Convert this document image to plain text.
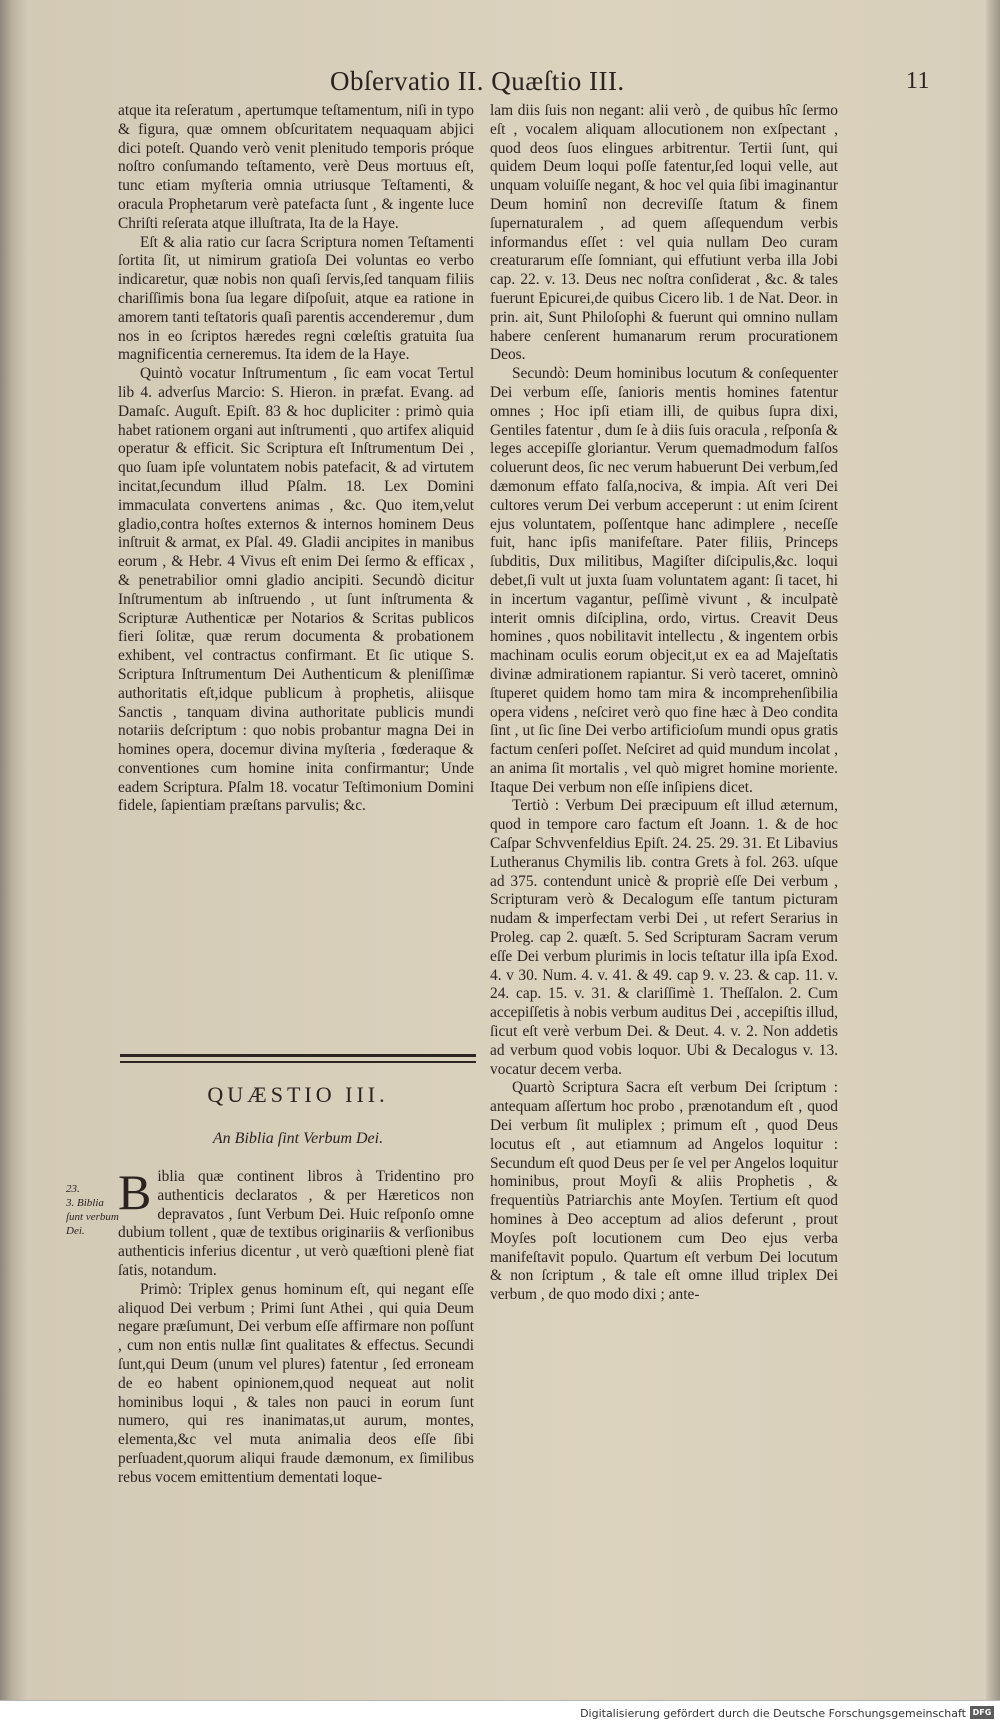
Obſervatio II. Quæſtio III.	11

atque ita reſeratum , apertumque teſtamentum, niſi in typo & figura, quæ omnem obſcuritatem nequaquam abjici dici poteſt. Quando verò venit plenitudo temporis próque noſtro conſumando teſtamento, verè Deus mortuus eſt, tunc etiam myſteria omnia utriusque Teſtamenti, & oracula Prophetarum verè patefacta ſunt , & ingente luce Chriſti reſerata atque illuſtrata, Ita de la Haye.

Eſt & alia ratio cur ſacra Scriptura nomen Teſtamenti ſortita ſit, ut nimirum gratioſa Dei voluntas eo verbo indicaretur, quæ nobis non quaſi ſervis,ſed tanquam filiis chariſſimis bona ſua legare diſpoſuit, atque ea ratione in amorem tanti teſtatoris quaſi parentis accenderemur , dum nos in eo ſcriptos hæredes regni cœleſtis gratuita ſua magnificentia cerneremus. Ita idem de la Haye.

Quintò vocatur Inſtrumentum , ſic eam vocat Tertul lib 4. adverſus Marcio: S. Hieron. in præfat. Evang. ad Damaſc. Auguſt. Epiſt. 83 & hoc dupliciter : primò quia habet rationem organi aut inſtrumenti , quo artifex aliquid operatur & efficit. Sic Scriptura eſt Inſtrumentum Dei , quo ſuam ipſe voluntatem nobis patefacit, & ad virtutem incitat,ſecundum illud Pſalm. 18. Lex Domini immaculata convertens animas , &c. Quo item,velut gladio,contra hoſtes externos & internos hominem Deus inſtruit & armat, ex Pſal. 49. Gladii ancipites in manibus eorum , & Hebr. 4 Vivus eſt enim Dei ſermo & efficax , & penetrabilior omni gladio ancipiti. Secundò dicitur Inſtrumentum ab inſtruendo , ut ſunt inſtrumenta & Scripturæ Authenticæ per Notarios & Scritas publicos fieri ſolitæ, quæ rerum documenta & probationem exhibent, vel contractus confirmant. Et ſic utique S. Scriptura Inſtrumentum Dei Authenticum & pleniſſimæ authoritatis eſt,idque publicum à prophetis, aliisque Sanctis , tanquam divina authoritate publicis mundi notariis deſcriptum : quo nobis probantur magna Dei in homines opera, docemur divina myſteria , fœderaque & conventiones cum homine inita confirmantur; Unde eadem Scriptura. Pſalm 18. vocatur Teſtimonium Domini fidele, ſapientiam præſtans parvulis; &c.

QUÆSTIO III.
An Biblia ſint Verbum Dei.
23.
3. Biblia ſunt verbum Dei.

Biblia quæ continent libros à Tridentino pro authenticis declaratos , & per Hæreticos non depravatos , ſunt Verbum Dei. Huic reſponſo omne dubium tollent , quæ de textibus originariis & verſionibus authenticis inferius dicentur , ut verò quæſtioni plenè fiat ſatis, notandum.

Primò: Triplex genus hominum eſt, qui negant eſſe aliquod Dei verbum ; Primi ſunt Athei , qui quia Deum negare præſumunt, Dei verbum eſſe affirmare non poſſunt , cum non entis nullæ ſint qualitates & effectus. Secundi ſunt,qui Deum (unum vel plures) fatentur , ſed erroneam de eo habent opinionem,quod nequeat aut nolit hominibus loqui , & tales non pauci in eorum ſunt numero, qui res inanimatas,ut aurum, montes, elementa,&c vel muta animalia deos eſſe ſibi perſuadent,quorum aliqui fraude dæmonum, ex ſimilibus rebus vocem emittentium dementati loque-

lam diis ſuis non negant: alii verò , de quibus hîc ſermo eſt , vocalem aliquam allocutionem non exſpectant , quod deos ſuos elingues arbitrentur. Tertii ſunt, qui quidem Deum loqui poſſe fatentur,ſed loqui velle, aut unquam voluiſſe negant, & hoc vel quia ſibi imaginantur Deum hominî non decreviſſe ſtatum & finem ſupernaturalem , ad quem aſſequendum verbis informandus eſſet : vel quia nullam Deo curam creaturarum eſſe ſomniant, qui effutiunt verba illa Jobi cap. 22. v. 13. Deus nec noſtra conſiderat , &c. & tales fuerunt Epicurei,de quibus Cicero lib. 1 de Nat. Deor. in prin. ait, Sunt Philoſophi & fuerunt qui omnino nullam habere cenſerent humanarum rerum procurationem Deos.

Secundò: Deum hominibus locutum & conſequenter Dei verbum eſſe, ſanioris mentis homines fatentur omnes ; Hoc ipſi etiam illi, de quibus ſupra dixi, Gentiles fatentur , dum ſe à diis ſuis oracula , reſponſa & leges accepiſſe gloriantur. Verum quemadmodum falſos coluerunt deos, ſic nec verum habuerunt Dei verbum,ſed dæmonum effato falſa,nociva, & impia. Aſt veri Dei cultores verum Dei verbum acceperunt : ut enim ſcirent ejus voluntatem, poſſentque hanc adimplere , neceſſe fuit, hanc ipſis manifeſtare. Pater filiis, Princeps ſubditis, Dux militibus, Magiſter diſcipulis,&c. loqui debet,ſi vult ut juxta ſuam voluntatem agant: ſi tacet, hi in incertum vagantur, peſſimè vivunt , & inculpatè interit omnis diſciplina, ordo, virtus. Creavit Deus homines , quos nobilitavit intellectu , & ingentem orbis machinam oculis eorum objecit,ut ex ea ad Majeſtatis divinæ admirationem rapiantur. Si verò taceret, omninò ſtuperet quidem homo tam mira & incomprehenſibilia opera videns , neſciret verò quo fine hæc à Deo condita ſint , ut ſic ſine Dei verbo artificioſum mundi opus gratis factum cenſeri poſſet. Neſciret ad quid mundum incolat , an anima ſit mortalis , vel quò migret homine moriente. Itaque Dei verbum non eſſe inſipiens dicet.

Tertiò : Verbum Dei præcipuum eſt illud æternum, quod in tempore caro factum eſt Joann. 1. & de hoc Caſpar Schvvenfeldius Epiſt. 24. 25. 29. 31. Et Libavius Lutheranus Chymilis lib. contra Grets à fol. 263. uſque ad 375. contendunt unicè & propriè eſſe Dei verbum , Scripturam verò & Decalogum eſſe tantum picturam nudam & imperfectam verbi Dei , ut refert Serarius in Proleg. cap 2. quæſt. 5. Sed Scripturam Sacram verum eſſe Dei verbum plurimis in locis teſtatur illa ipſa Exod. 4. v 30. Num. 4. v. 41. & 49. cap 9. v. 23. & cap. 11. v. 24. cap. 15. v. 31. & clariſſimè 1. Theſſalon. 2. Cum accepiſſetis à nobis verbum auditus Dei , accepiſtis illud, ſicut eſt verè verbum Dei. & Deut. 4. v. 2. Non addetis ad verbum quod vobis loquor. Ubi & Decalogus v. 13. vocatur decem verba.

Quartò Scriptura Sacra eſt verbum Dei ſcriptum : antequam aſſertum hoc probo , prænotandum eſt , quod Dei verbum ſit muliplex ; primum eſt , quod Deus locutus eſt , aut etiamnum ad Angelos loquitur : Secundum eſt quod Deus per ſe vel per Angelos loquitur hominibus, prout Moyſi & aliis Prophetis , & frequentiùs Patriarchis ante Moyſen. Tertium eſt quod homines à Deo acceptum ad alios deferunt , prout Moyſes poſt locutionem cum Deo ejus verba manifeſtavit populo. Quartum eſt verbum Dei locutum & non ſcriptum , & tale eſt omne illud triplex Dei verbum , de quo modo dixi ; ante-

Digitalisierung gefördert durch die Deutsche Forschungsgemeinschaft DFG
